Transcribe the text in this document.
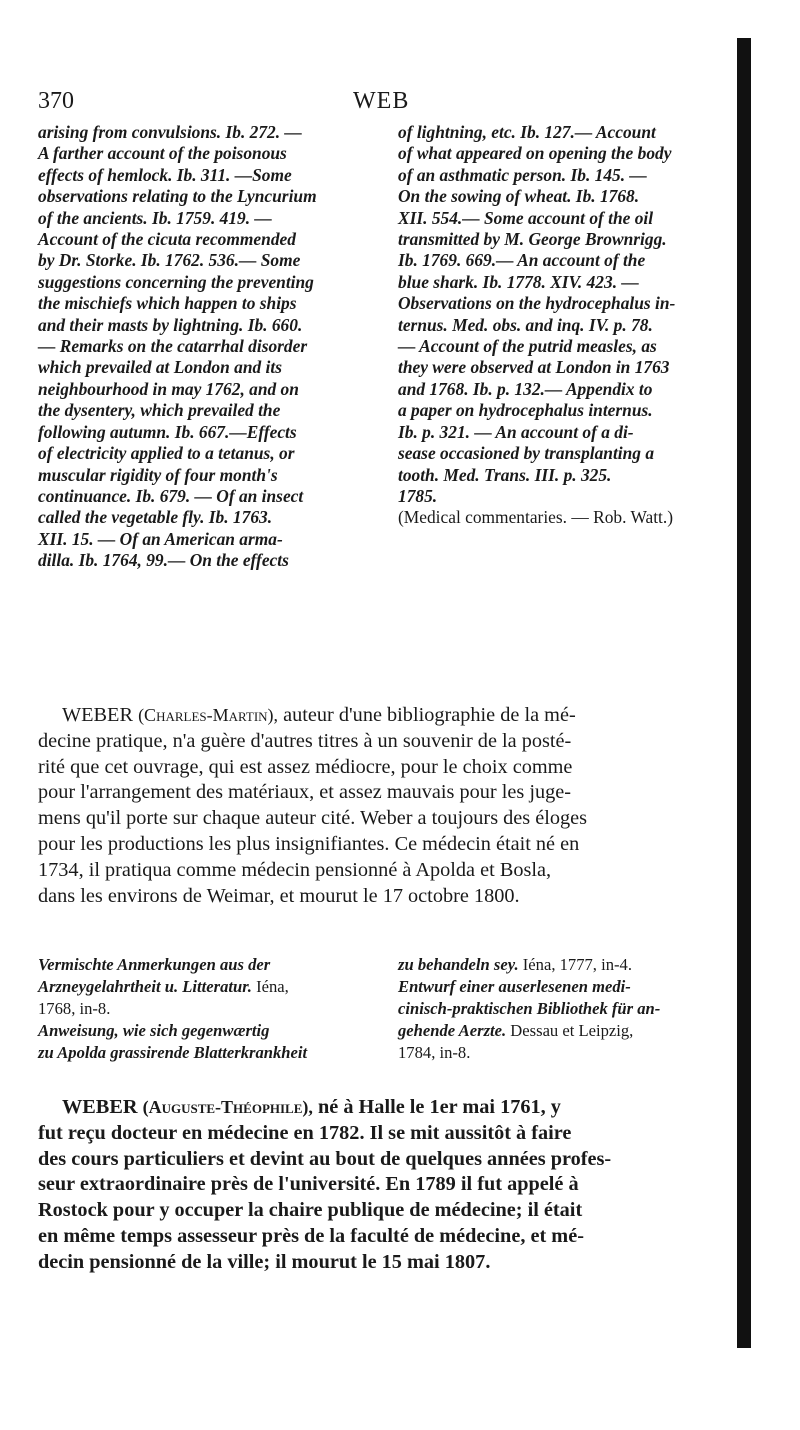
370	WEB
arising from convulsions. Ib. 272. —
A farther account of the poisonous
effects of hemlock. Ib. 311. —Some
observations relating to the Lyncurium
of the ancients. Ib. 1759. 419. —
Account of the cicuta recommended
by Dr. Storke. Ib. 1762. 536.— Some
suggestions concerning the preventing
the mischiefs which happen to ships
and their masts by lightning. Ib. 660.
— Remarks on the catarrhal disorder
which prevailed at London and its
neighbourhood in may 1762, and on
the dysentery, which prevailed the
following autumn. Ib. 667.—Effects
of electricity applied to a tetanus, or
muscular rigidity of four month's
continuance. Ib. 679. — Of an insect
called the vegetable fly. Ib. 1763.
XII. 15. — Of an American arma-
dilla. Ib. 1764, 99.— On the effects
of lightning, etc. Ib. 127.— Account
of what appeared on opening the body
of an asthmatic person. Ib. 145. —
On the sowing of wheat. Ib. 1768.
XII. 554.— Some account of the oil
transmitted by M. George Brownrigg.
Ib. 1769. 669.— An account of the
blue shark. Ib. 1778. XIV. 423. —
Observations on the hydrocephalus in-
ternus. Med. obs. and inq. IV. p. 78.
— Account of the putrid measles, as
they were observed at London in 1763
and 1768. Ib. p. 132.— Appendix to
a paper on hydrocephalus internus.
Ib. p. 321. — An account of a di-
sease occasioned by transplanting a
tooth. Med. Trans. III. p. 325.
1785.
(Medical commentaries. — Rob. Watt.)
WEBER (Charles-Martin), auteur d'une bibliographie de la mé-
decine pratique, n'a guère d'autres titres à un souvenir de la posté-
rité que cet ouvrage, qui est assez médiocre, pour le choix comme
pour l'arrangement des matériaux, et assez mauvais pour les juge-
mens qu'il porte sur chaque auteur cité. Weber a toujours des éloges
pour les productions les plus insignifiantes. Ce médecin était né en
1734, il pratiqua comme médecin pensionné à Apolda et Bosla,
dans les environs de Weimar, et mourut le 17 octobre 1800.
Vermischte Anmerkungen aus der
Arzneygelahrtheit u. Litteratur. Iéna,
1768, in-8.
Anweisung, wie sich gegenwærtig
zu Apolda grassirende Blatterkrankheit
zu behandeln sey. Iéna, 1777, in-4.
Entwurf einer auserlesenen medi-
cinisch-praktischen Bibliothek für an-
gehende Aerzte. Dessau et Leipzig,
1784, in-8.
WEBER (Auguste-Théophile), né à Halle le 1er mai 1761, y
fut reçu docteur en médecine en 1782. Il se mit aussitôt à faire
des cours particuliers et devint au bout de quelques années profes-
seur extraordinaire près de l'université. En 1789 il fut appelé à
Rostock pour y occuper la chaire publique de médecine; il était
en même temps assesseur près de la faculté de médecine, et mé-
decin pensionné de la ville; il mourut le 15 mai 1807.
